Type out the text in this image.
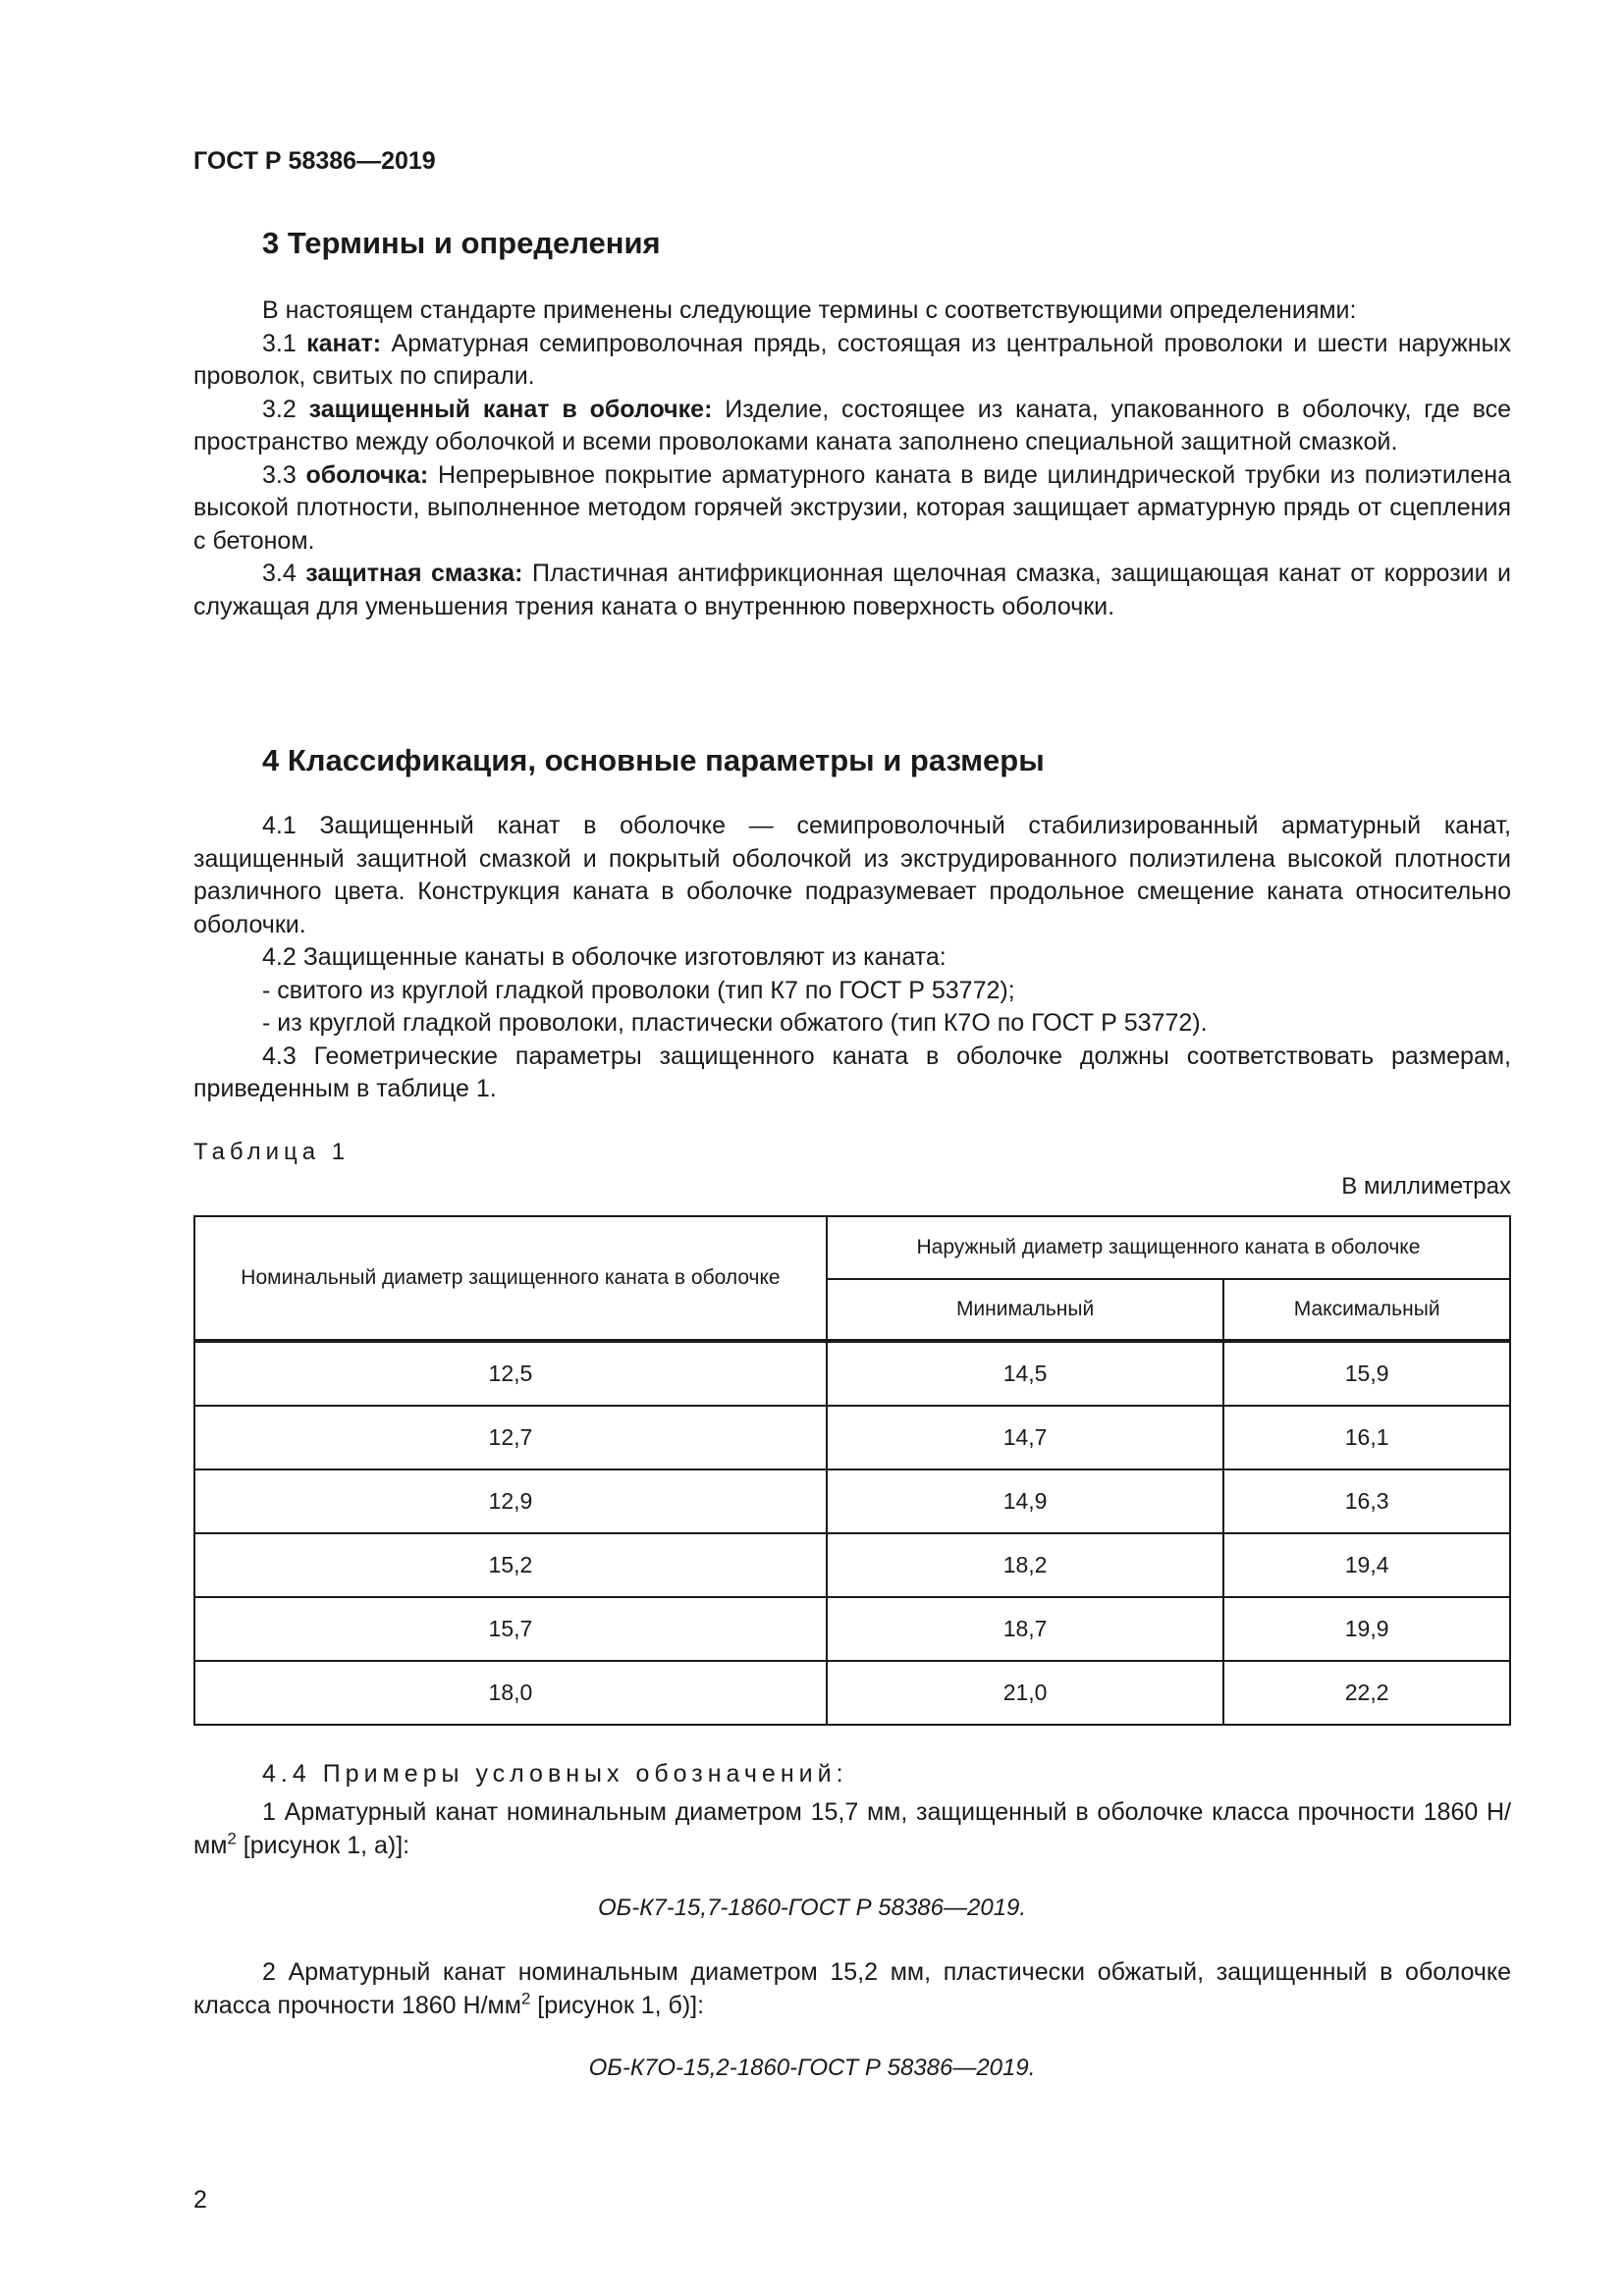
ГОСТ Р 58386—2019
3 Термины и определения

В настоящем стандарте применены следующие термины с соответствующими определениями:

3.1 канат: Арматурная семипроволочная прядь, состоящая из центральной проволоки и шести наружных проволок, свитых по спирали.

3.2 защищенный канат в оболочке: Изделие, состоящее из каната, упакованного в оболочку, где все пространство между оболочкой и всеми проволоками каната заполнено специальной защитной смазкой.

3.3 оболочка: Непрерывное покрытие арматурного каната в виде цилиндрической трубки из полиэтилена высокой плотности, выполненное методом горячей экструзии, которая защищает арматурную прядь от сцепления с бетоном.

3.4 защитная смазка: Пластичная антифрикционная щелочная смазка, защищающая канат от коррозии и служащая для уменьшения трения каната о внутреннюю поверхность оболочки.

4 Классификация, основные параметры и размеры

4.1 Защищенный канат в оболочке — семипроволочный стабилизированный арматурный канат, защищенный защитной смазкой и покрытый оболочкой из экструдированного полиэтилена высокой плотности различного цвета. Конструкция каната в оболочке подразумевает продольное смещение каната относительно оболочки.

4.2 Защищенные канаты в оболочке изготовляют из каната:

- свитого из круглой гладкой проволоки (тип К7 по ГОСТ Р 53772);

- из круглой гладкой проволоки, пластически обжатого (тип К7О по ГОСТ Р 53772).

4.3 Геометрические параметры защищенного каната в оболочке должны соответствовать размерам, приведенным в таблице 1.

Таблица 1
В миллиметрах
Номинальный диаметр защищенного каната в оболочке	Наружный диаметр защищенного каната в оболочке	
	Минимальный	Максимальный
12,5	14,5	15,9
12,7	14,7	16,1
12,9	14,9	16,3
15,2	18,2	19,4
15,7	18,7	19,9
18,0	21,0	22,2
4.4 Примеры условных обозначений:

1 Арматурный канат номинальным диаметром 15,7 мм, защищенный в оболочке класса прочности 1860 $Н/мм^2$ [рисунок 1, а)]:

ОБ-К7-15,7-1860-ГОСТ Р 58386—2019.

2 Арматурный канат номинальным диаметром 15,2 мм, пластически обжатый, защищенный в оболочке класса прочности 1860 $Н/мм^2$ [рисунок 1, б)]:

ОБ-К7О-15,2-1860-ГОСТ Р 58386—2019.
2
